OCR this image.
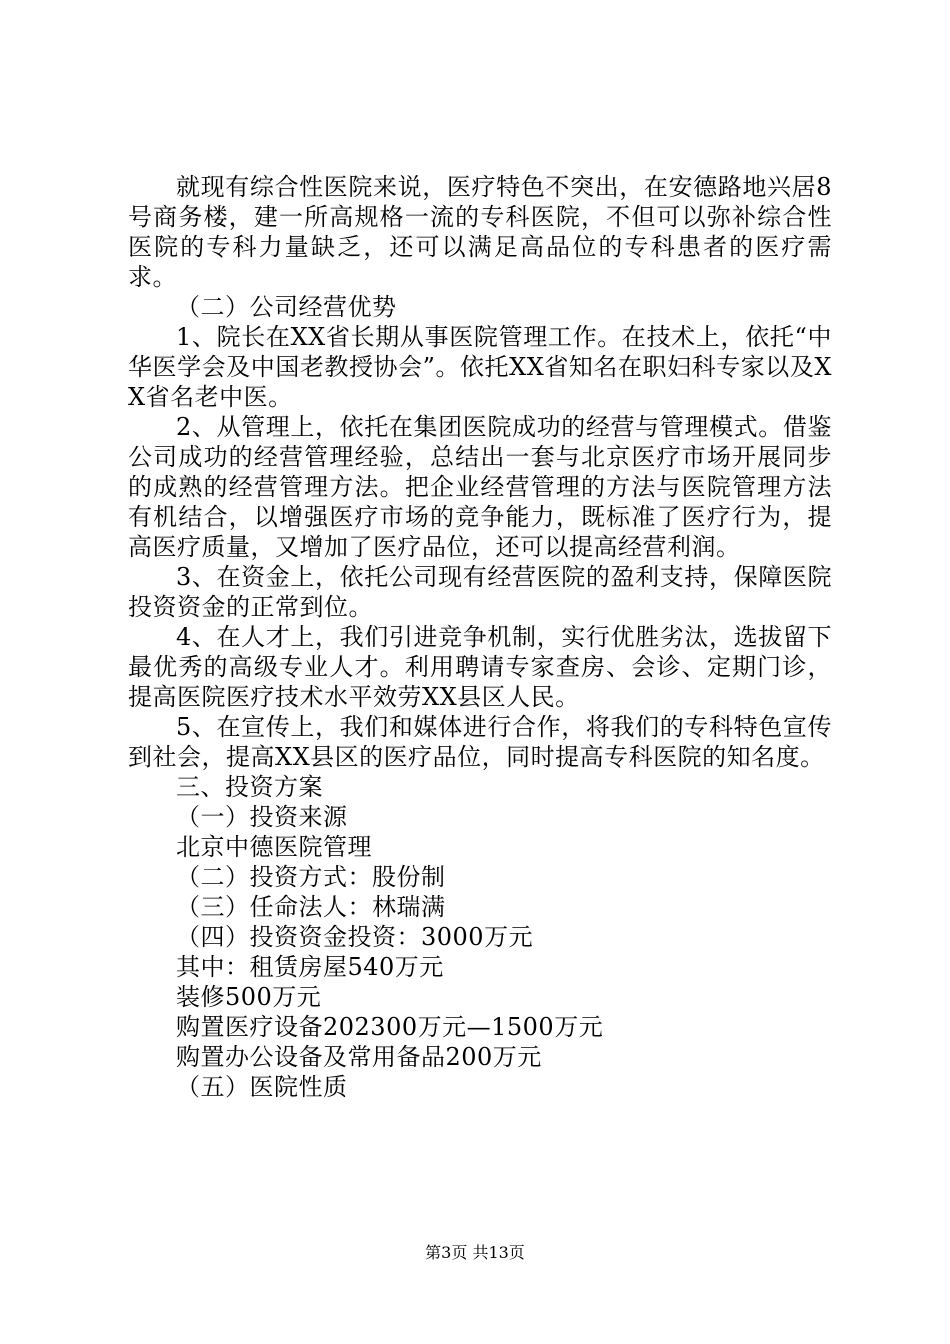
就现有综合性医院来说，医疗特色不突出，在安德路地兴居8号商务楼，建一所高规格一流的专科医院，不但可以弥补综合性医院的专科力量缺乏，还可以满足高品位的专科患者的医疗需求。

（二）公司经营优势

1、院长在XX省长期从事医院管理工作。在技术上，依托“中华医学会及中国老教授协会”。依托XX省知名在职妇科专家以及XX省名老中医。

2、从管理上，依托在集团医院成功的经营与管理模式。借鉴公司成功的经营管理经验，总结出一套与北京医疗市场开展同步的成熟的经营管理方法。把企业经营管理的方法与医院管理方法有机结合，以增强医疗市场的竞争能力，既标准了医疗行为，提高医疗质量，又增加了医疗品位，还可以提高经营利润。

3、在资金上，依托公司现有经营医院的盈利支持，保障医院投资资金的正常到位。

4、在人才上，我们引进竞争机制，实行优胜劣汰，选拔留下最优秀的高级专业人才。利用聘请专家查房、会诊、定期门诊，提高医院医疗技术水平效劳XX县区人民。

5、在宣传上，我们和媒体进行合作，将我们的专科特色宣传到社会，提高XX县区的医疗品位，同时提高专科医院的知名度。

三、投资方案

（一）投资来源

北京中德医院管理

（二）投资方式：股份制

（三）任命法人：林瑞满

（四）投资资金投资：3000万元

其中：租赁房屋540万元

装修500万元

购置医疗设备202300万元—1500万元

购置办公设备及常用备品200万元

（五）医院性质

第3页 共13页
